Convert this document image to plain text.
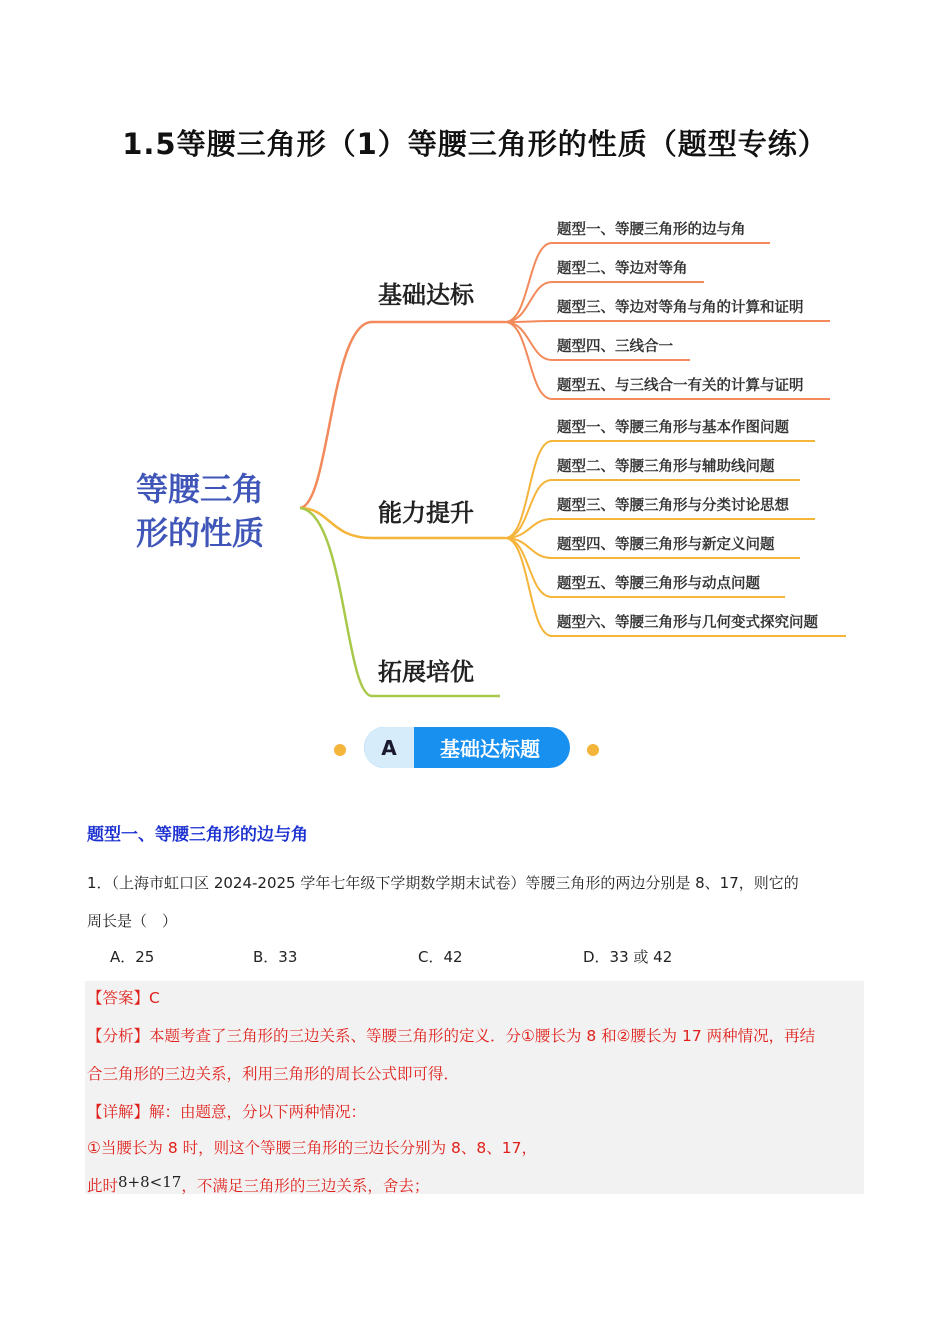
1.5等腰三角形（1）等腰三角形的性质（题型专练）
等腰三角
形的性质
基础达标
能力提升
拓展培优
题型一、等腰三角形的边与角
题型二、等边对等角
题型三、等边对等角与角的计算和证明
题型四、三线合一
题型五、与三线合一有关的计算与证明
题型一、等腰三角形与基本作图问题
题型二、等腰三角形与辅助线问题
题型三、等腰三角形与分类讨论思想
题型四、等腰三角形与新定义问题
题型五、等腰三角形与动点问题
题型六、等腰三角形与几何变式探究问题
A 基础达标题
题型一、等腰三角形的边与角
1．（上海市虹口区 2024-2025 学年七年级下学期数学期末试卷）等腰三角形的两边分别是 8、17，则它的
周长是（　）
A．25	B．33	C．42	D．33 或 42
【答案】C
【分析】本题考查了三角形的三边关系、等腰三角形的定义．分①腰长为 8 和②腰长为 17 两种情况，再结
合三角形的三边关系，利用三角形的周长公式即可得．
【详解】解：由题意，分以下两种情况：
①当腰长为 8 时，则这个等腰三角形的三边长分别为 8、8、17，
此时8+8<17，不满足三角形的三边关系，舍去；
